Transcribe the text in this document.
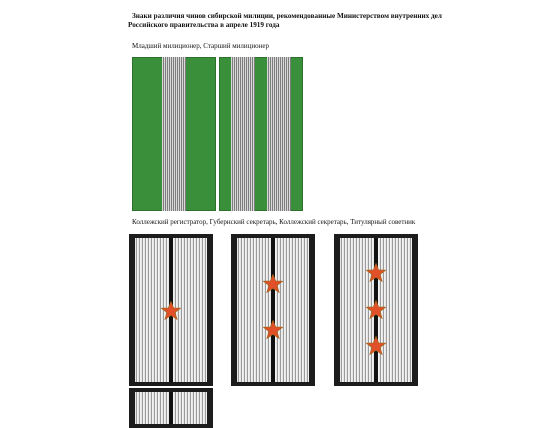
Знаки различия чинов сибирской милиции, рекомендованные Министерством внутренних дел Российского правительства в апреле 1919 года
Младший милиционер, Старший милиционер
Коллежский регистратор, Губернский секретарь, Коллежский секретарь, Титулярный советник
